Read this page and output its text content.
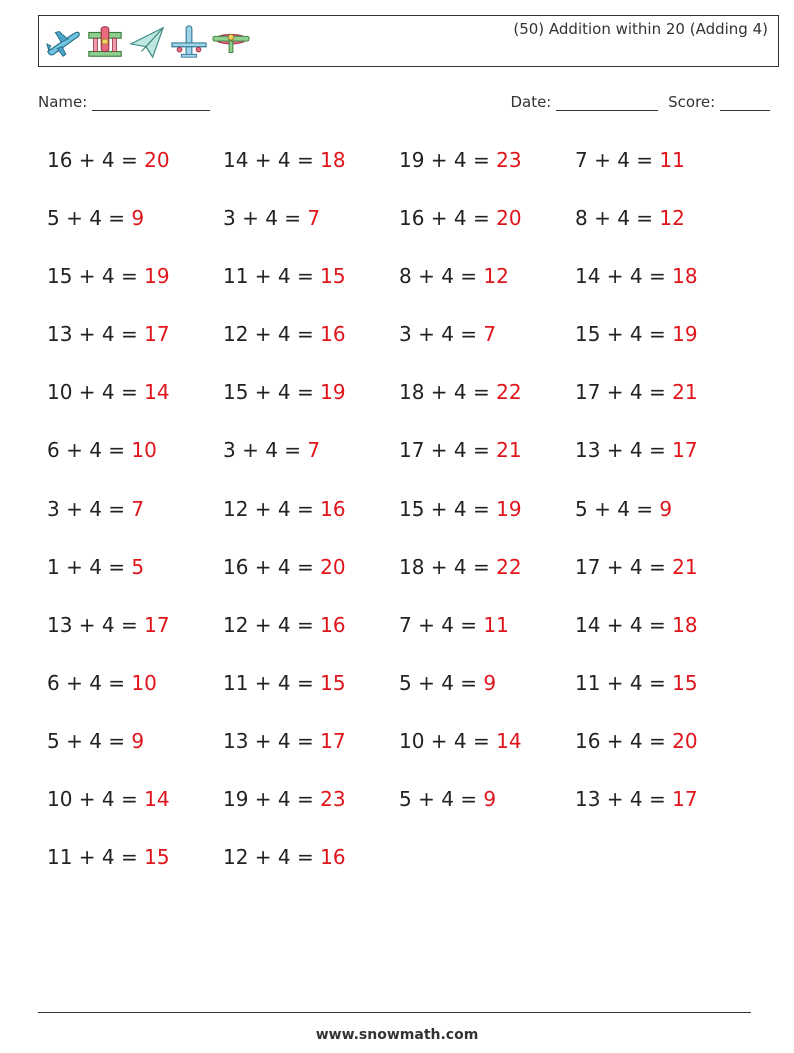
(50) Addition within 20 (Adding 4)
Name:	Date:	Score:
16 + 4 = 20	14 + 4 = 18	19 + 4 = 23	7 + 4 = 11
5 + 4 = 9	3 + 4 = 7	16 + 4 = 20	8 + 4 = 12
15 + 4 = 19	11 + 4 = 15	8 + 4 = 12	14 + 4 = 18
13 + 4 = 17	12 + 4 = 16	3 + 4 = 7	15 + 4 = 19
10 + 4 = 14	15 + 4 = 19	18 + 4 = 22	17 + 4 = 21
6 + 4 = 10	3 + 4 = 7	17 + 4 = 21	13 + 4 = 17
3 + 4 = 7	12 + 4 = 16	15 + 4 = 19	5 + 4 = 9
1 + 4 = 5	16 + 4 = 20	18 + 4 = 22	17 + 4 = 21
13 + 4 = 17	12 + 4 = 16	7 + 4 = 11	14 + 4 = 18
6 + 4 = 10	11 + 4 = 15	5 + 4 = 9	11 + 4 = 15
5 + 4 = 9	13 + 4 = 17	10 + 4 = 14	16 + 4 = 20
10 + 4 = 14	19 + 4 = 23	5 + 4 = 9	13 + 4 = 17
11 + 4 = 15	12 + 4 = 16
www.snowmath.com
